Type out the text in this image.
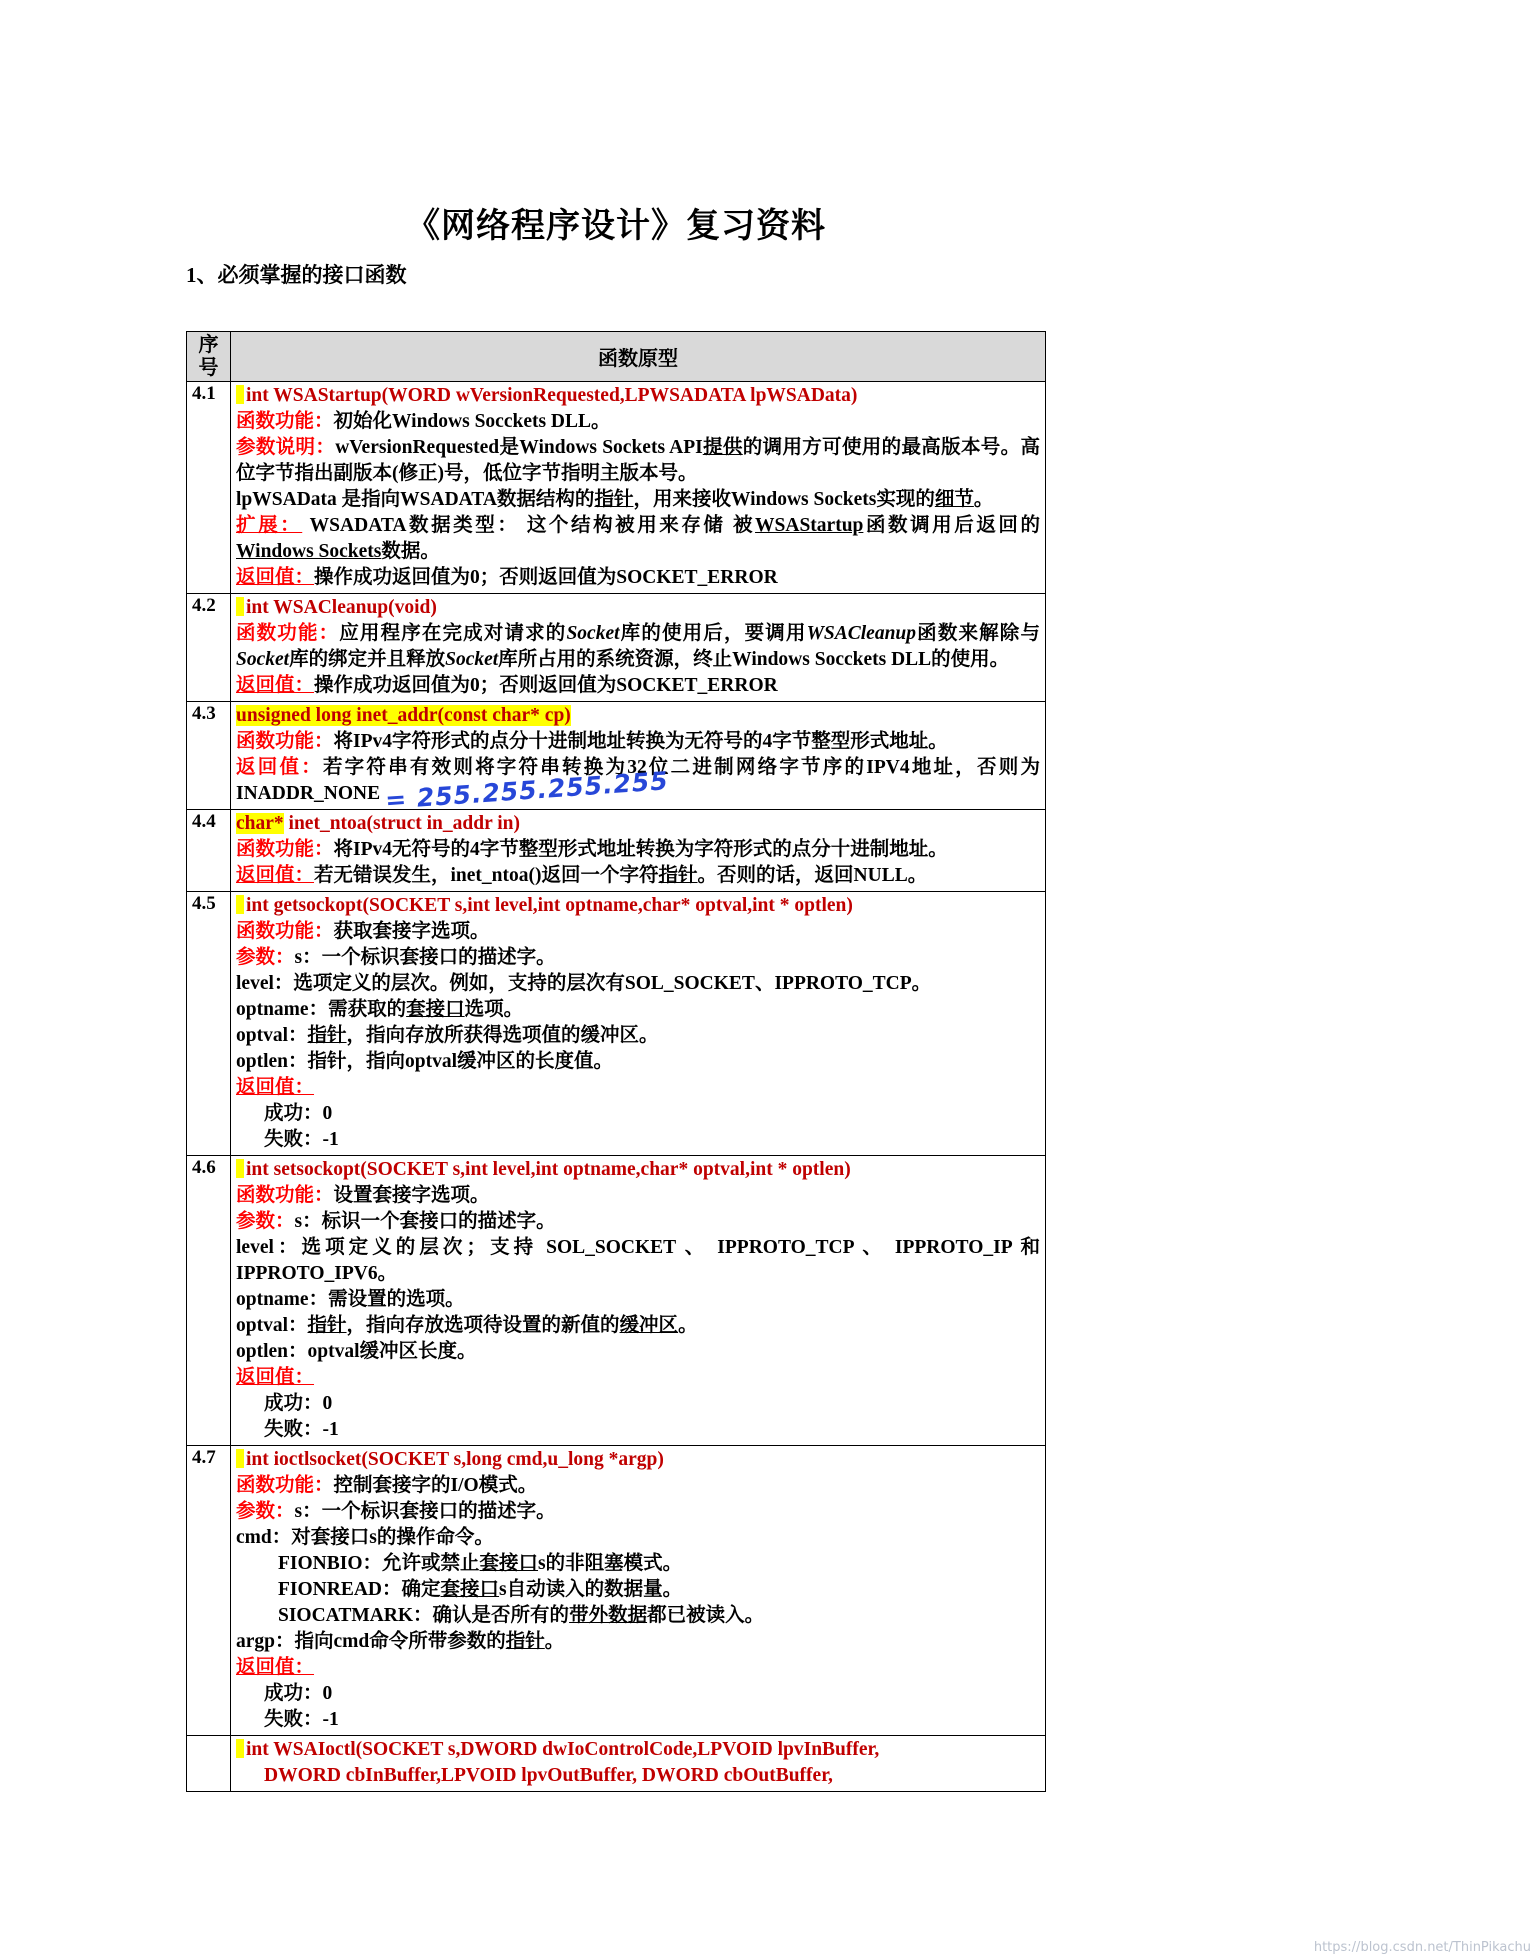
《网络程序设计》复习资料
1、必须掌握的接口函数
序号	函数原型
4.1	int WSAStartup(WORD wVersionRequested,LPWSADATA lpWSAData)
函数功能：初始化Windows Socckets DLL。
参数说明：wVersionRequested是Windows Sockets API提供的调用方可使用的最高版本号。高位字节指出副版本(修正)号，低位字节指明主版本号。
lpWSAData 是指向WSADATA数据结构的指针，用来接收Windows Sockets实现的细节。
扩展： WSADATA数据类型： 这个结构被用来存储 被WSAStartup函数调用后返回的 Windows Sockets数据。
返回值：操作成功返回值为0；否则返回值为SOCKET_ERROR

4.2	int WSACleanup(void)
函数功能：应用程序在完成对请求的Socket库的使用后，要调用WSACleanup函数来解除与Socket库的绑定并且释放Socket库所占用的系统资源，终止Windows Socckets DLL的使用。
返回值：操作成功返回值为0；否则返回值为SOCKET_ERROR

4.3	unsigned long inet_addr(const char* cp)
函数功能：将IPv4字符形式的点分十进制地址转换为无符号的4字节整型形式地址。
返回值：若字符串有效则将字符串转换为32位二进制网络字节序的IPV4地址，否则为INADDR_NONE = 255.255.255.255

4.4	char* inet_ntoa(struct in_addr in)
函数功能：将IPv4无符号的4字节整型形式地址转换为字符形式的点分十进制地址。
返回值：若无错误发生，inet_ntoa()返回一个字符指针。否则的话，返回NULL。

4.5	int getsockopt(SOCKET s,int level,int optname,char* optval,int * optlen)
函数功能：获取套接字选项。
参数：s：一个标识套接口的描述字。
level：选项定义的层次。例如，支持的层次有SOL_SOCKET、IPPROTO_TCP。
optname：需获取的套接口选项。
optval：指针，指向存放所获得选项值的缓冲区。
optlen：指针，指向optval缓冲区的长度值。
返回值：
成功：0
失败：-1

4.6	int setsockopt(SOCKET s,int level,int optname,char* optval,int * optlen)
函数功能：设置套接字选项。
参数：s：标识一个套接口的描述字。
level：选项定义的层次；支持 SOL_SOCKET 、 IPPROTO_TCP 、 IPPROTO_IP 和IPPROTO_IPV6。
optname：需设置的选项。
optval：指针，指向存放选项待设置的新值的缓冲区。
optlen：optval缓冲区长度。
返回值：
成功：0
失败：-1

4.7	int ioctlsocket(SOCKET s,long cmd,u_long *argp)
函数功能：控制套接字的I/O模式。
参数：s：一个标识套接口的描述字。
cmd：对套接口s的操作命令。
FIONBIO：允许或禁止套接口s的非阻塞模式。
FIONREAD：确定套接口s自动读入的数据量。
SIOCATMARK：确认是否所有的带外数据都已被读入。
argp：指向cmd命令所带参数的指针。
返回值：
成功：0
失败：-1

	int WSAIoctl(SOCKET s,DWORD dwIoControlCode,LPVOID lpvInBuffer,
DWORD cbInBuffer,LPVOID lpvOutBuffer, DWORD cbOutBuffer,
https://blog.csdn.net/ThinPikachu
